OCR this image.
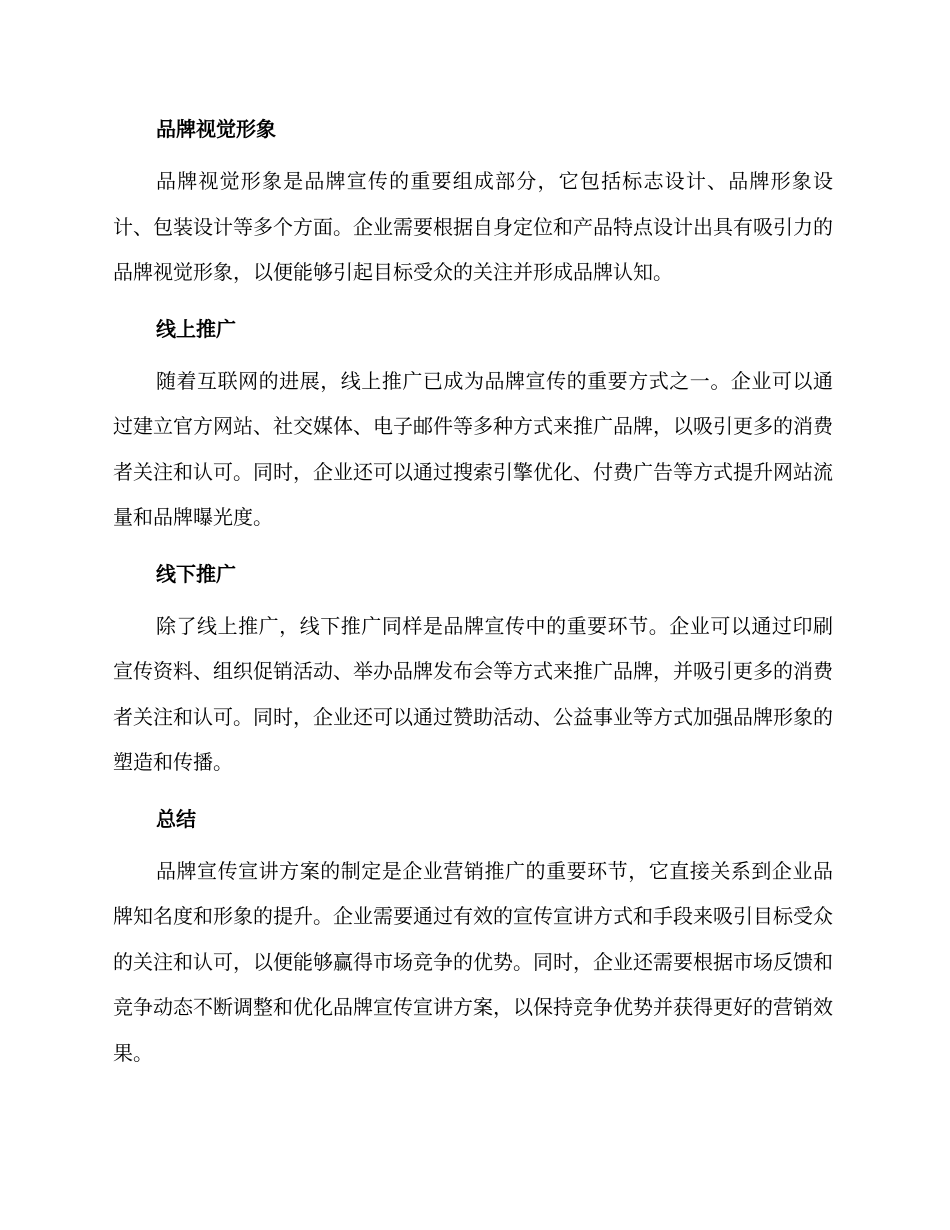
品牌视觉形象

品牌视觉形象是品牌宣传的重要组成部分，它包括标志设计、品牌形象设计、包装设计等多个方面。企业需要根据自身定位和产品特点设计出具有吸引力的品牌视觉形象，以便能够引起目标受众的关注并形成品牌认知。

线上推广

随着互联网的进展，线上推广已成为品牌宣传的重要方式之一。企业可以通过建立官方网站、社交媒体、电子邮件等多种方式来推广品牌，以吸引更多的消费者关注和认可。同时，企业还可以通过搜索引擎优化、付费广告等方式提升网站流量和品牌曝光度。

线下推广

除了线上推广，线下推广同样是品牌宣传中的重要环节。企业可以通过印刷宣传资料、组织促销活动、举办品牌发布会等方式来推广品牌，并吸引更多的消费者关注和认可。同时，企业还可以通过赞助活动、公益事业等方式加强品牌形象的塑造和传播。

总结

品牌宣传宣讲方案的制定是企业营销推广的重要环节，它直接关系到企业品牌知名度和形象的提升。企业需要通过有效的宣传宣讲方式和手段来吸引目标受众的关注和认可，以便能够赢得市场竞争的优势。同时，企业还需要根据市场反馈和竞争动态不断调整和优化品牌宣传宣讲方案，以保持竞争优势并获得更好的营销效果。
